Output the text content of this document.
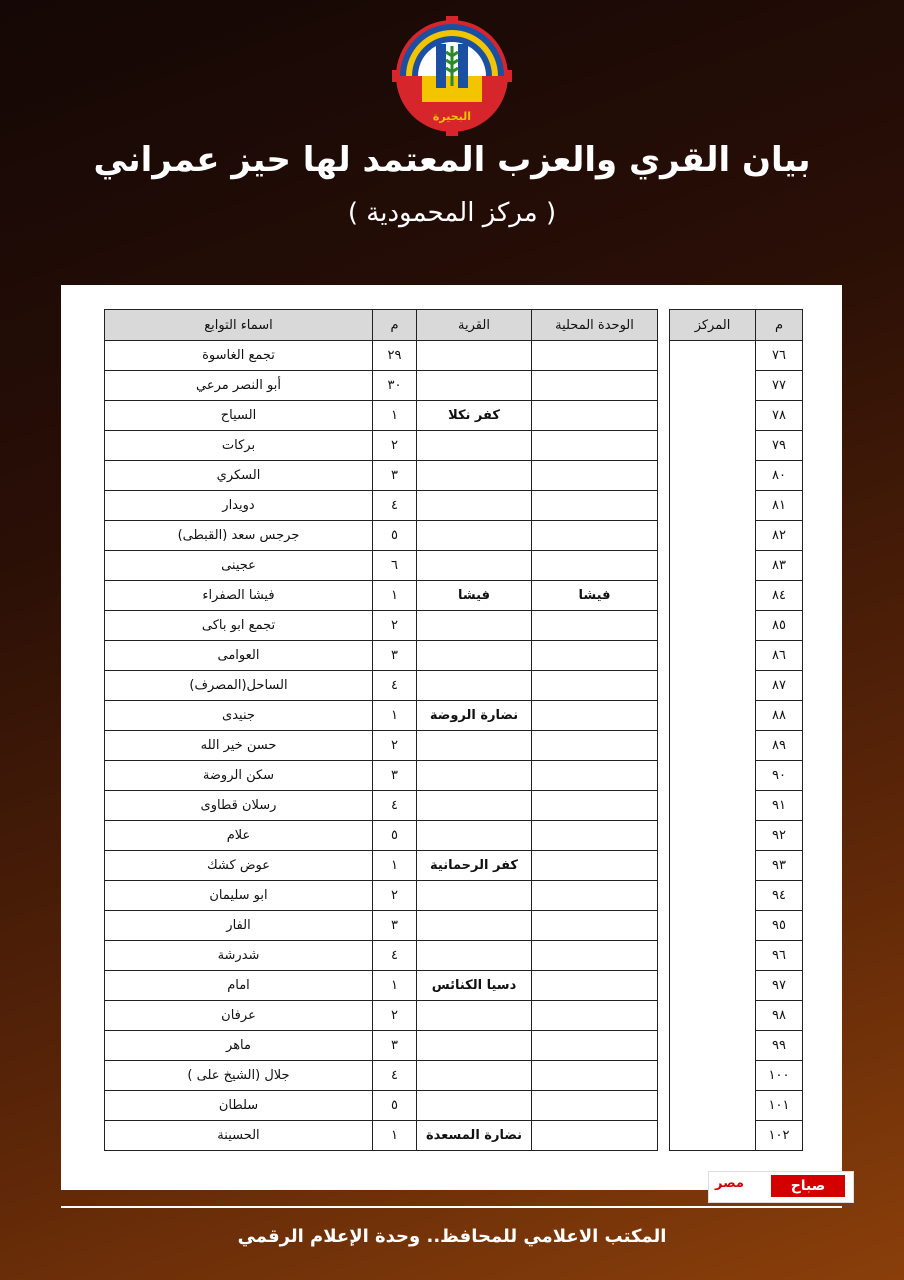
البحيرة
بيان القري والعزب المعتمد لها حيز عمراني
( مركز المحمودية )
م	المركز		الوحدة المحلية	القرية	م	اسماء التوابع
٧٦					٢٩	تجمع الغاسوة
٧٧					٣٠	أبو النصر مرعي
٧٨				كفر نكلا	١	السياح
٧٩					٢	بركات
٨٠					٣	السكري
٨١					٤	دويدار
٨٢					٥	جرجس سعد (القبطى)
٨٣					٦	عجينى
٨٤			فيشا	فيشا	١	فيشا الصفراء
٨٥					٢	تجمع ابو باكى
٨٦					٣	العوامى
٨٧					٤	الساحل(المصرف)
٨٨				نضارة الروضة	١	جنيدى
٨٩					٢	حسن خير الله
٩٠					٣	سكن الروضة
٩١					٤	رسلان قطاوى
٩٢					٥	علام
٩٣				كفر الرحمانية	١	عوض كشك
٩٤					٢	ابو سليمان
٩٥					٣	الفار
٩٦					٤	شدرشة
٩٧				دسيا الكنائس	١	امام
٩٨					٢	عرفان
٩٩					٣	ماهر
١٠٠					٤	جلال (الشيخ على )
١٠١					٥	سلطان
١٠٢				نضارة المسعدة	١	الحسينة
صباح
مصر
المكتب الاعلامي للمحافظ.. وحدة الإعلام الرقمي
